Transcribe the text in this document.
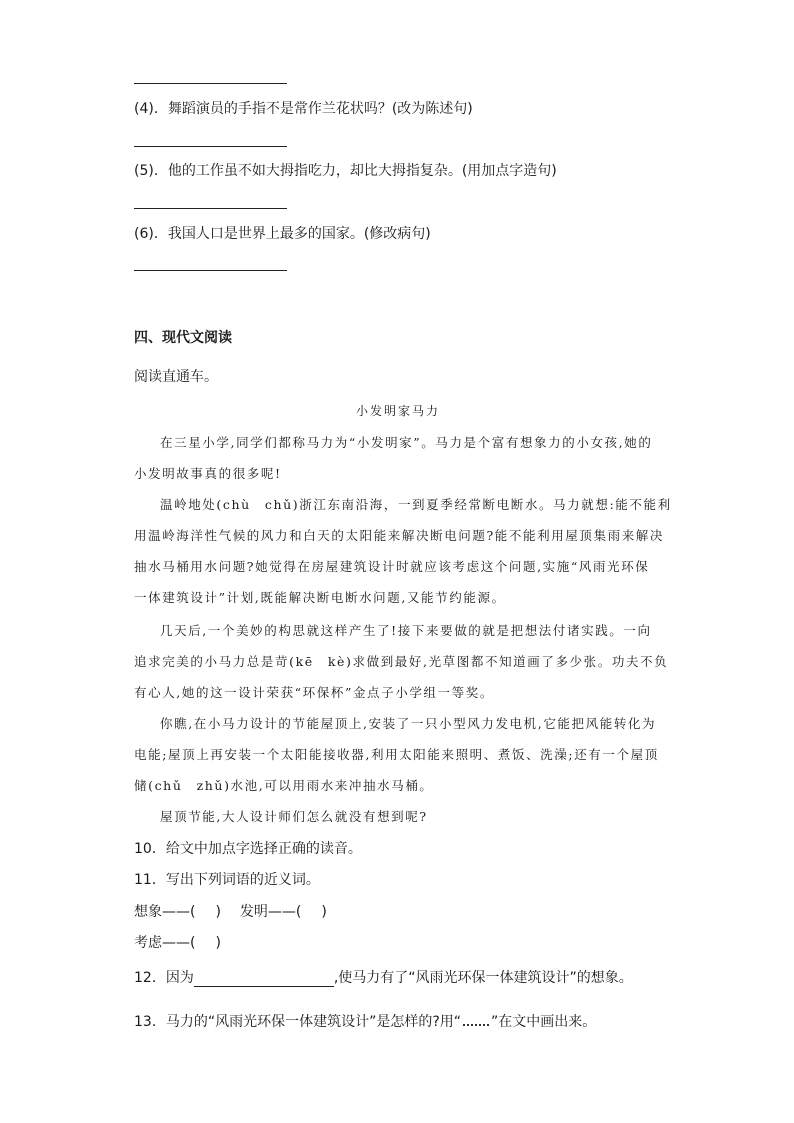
(4)．舞蹈演员的手指不是常作兰花状吗？(改为陈述句)
(5)．他的工作虽不如大拇指吃力，却比大拇指复杂。(用加点字造句)
(6)．我国人口是世界上最多的国家。(修改病句)
四、现代文阅读
阅读直通车。
小发明家马力
在三星小学,同学们都称马力为“小发明家”。马力是个富有想象力的小女孩,她的
小发明故事真的很多呢!
温岭地处(chù　chǔ)浙江东南沿海，一到夏季经常断电断水。马力就想:能不能利
用温岭海洋性气候的风力和白天的太阳能来解决断电问题?能不能利用屋顶集雨来解决
抽水马桶用水问题?她觉得在房屋建筑设计时就应该考虑这个问题,实施“风雨光环保
一体建筑设计”计划,既能解决断电断水问题,又能节约能源。
几天后,一个美妙的构思就这样产生了!接下来要做的就是把想法付诸实践。一向
追求完美的小马力总是苛(kē　kè)求做到最好,光草图都不知道画了多少张。功夫不负
有心人,她的这一设计荣获“环保杯”金点子小学组一等奖。
你瞧,在小马力设计的节能屋顶上,安装了一只小型风力发电机,它能把风能转化为
电能;屋顶上再安装一个太阳能接收器,利用太阳能来照明、煮饭、洗澡;还有一个屋顶
储(chǔ　zhǔ)水池,可以用雨水来冲抽水马桶。
屋顶节能,大人设计师们怎么就没有想到呢?
10．给文中加点字选择正确的读音。
11．写出下列词语的近义词。
想象——( ) 发明——( )
考虑——( )
12．因为	,使马力有了“风雨光环保一体建筑设计”的想象。
13．马力的“风雨光环保一体建筑设计”是怎样的?用“ ”在文中画出来。
